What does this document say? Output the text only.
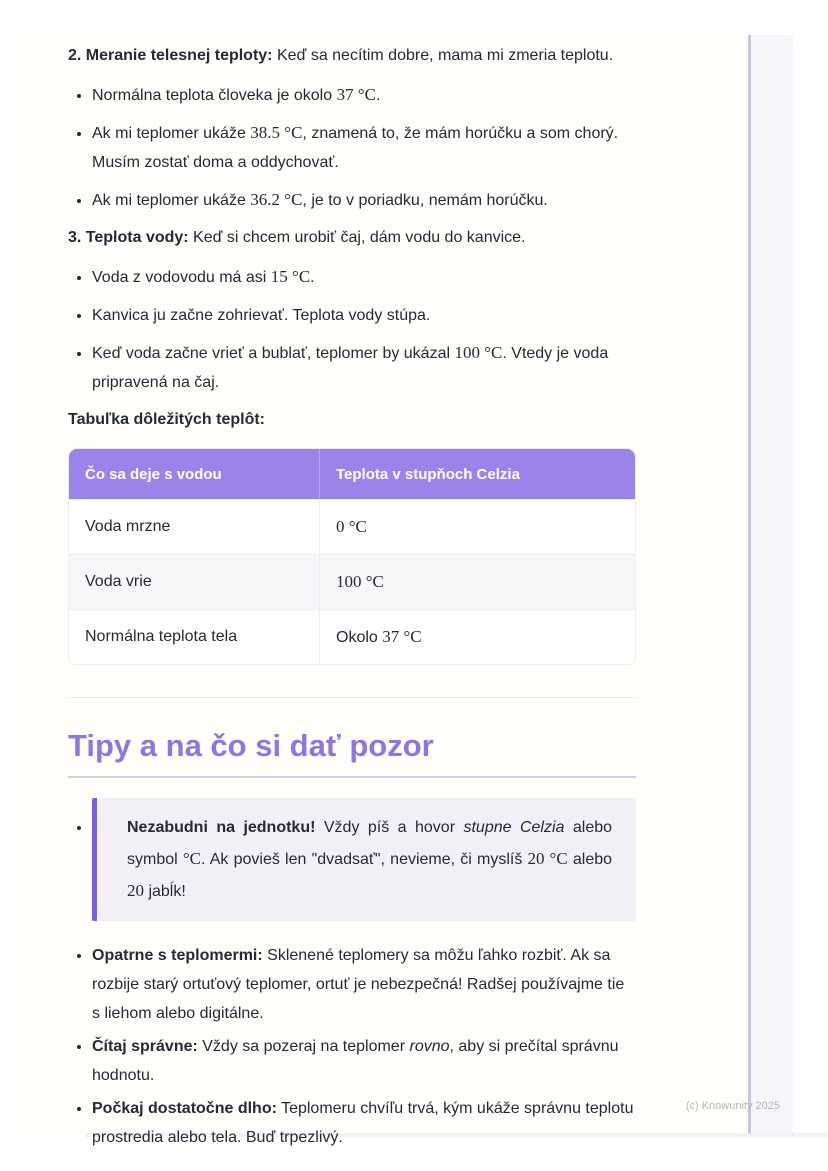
2. Meranie telesnej teploty: Keď sa necítim dobre, mama mi zmeria teplotu.

• Normálna teplota človeka je okolo 37 °C.
• Ak mi teplomer ukáže 38.5 °C, znamená to, že mám horúčku a som chorý. Musím zostať doma a oddychovať.
• Ak mi teplomer ukáže 36.2 °C, je to v poriadku, nemám horúčku.

3. Teplota vody: Keď si chcem urobiť čaj, dám vodu do kanvice.

• Voda z vodovodu má asi 15 °C.
• Kanvica ju začne zohrievať. Teplota vody stúpa.
• Keď voda začne vrieť a bublať, teplomer by ukázal 100 °C. Vtedy je voda pripravená na čaj.

Tabuľka dôležitých teplôt:

Čo sa deje s vodou	Teplota v stupňoch Celzia
Voda mrzne	0 °C
Voda vrie	100 °C
Normálna teplota tela	Okolo 37 °C
Tipy a na čo si dať pozor
• Nezabudni na jednotku! Vždy píš a hovor stupne Celzia alebo symbol °C. Ak povieš len "dvadsať", nevieme, či myslíš 20 °C alebo 20 jabĺk!
• Opatrne s teplomermi: Sklenené teplomery sa môžu ľahko rozbiť. Ak sa rozbije starý ortuťový teplomer, ortuť je nebezpečná! Radšej používajme tie s liehom alebo digitálne.
• Čítaj správne: Vždy sa pozeraj na teplomer rovno, aby si prečítal správnu hodnotu.
• Počkaj dostatočne dlho: Teplomeru chvíľu trvá, kým ukáže správnu teplotu prostredia alebo tela. Buď trpezlivý.
(c) Knowunity 2025
